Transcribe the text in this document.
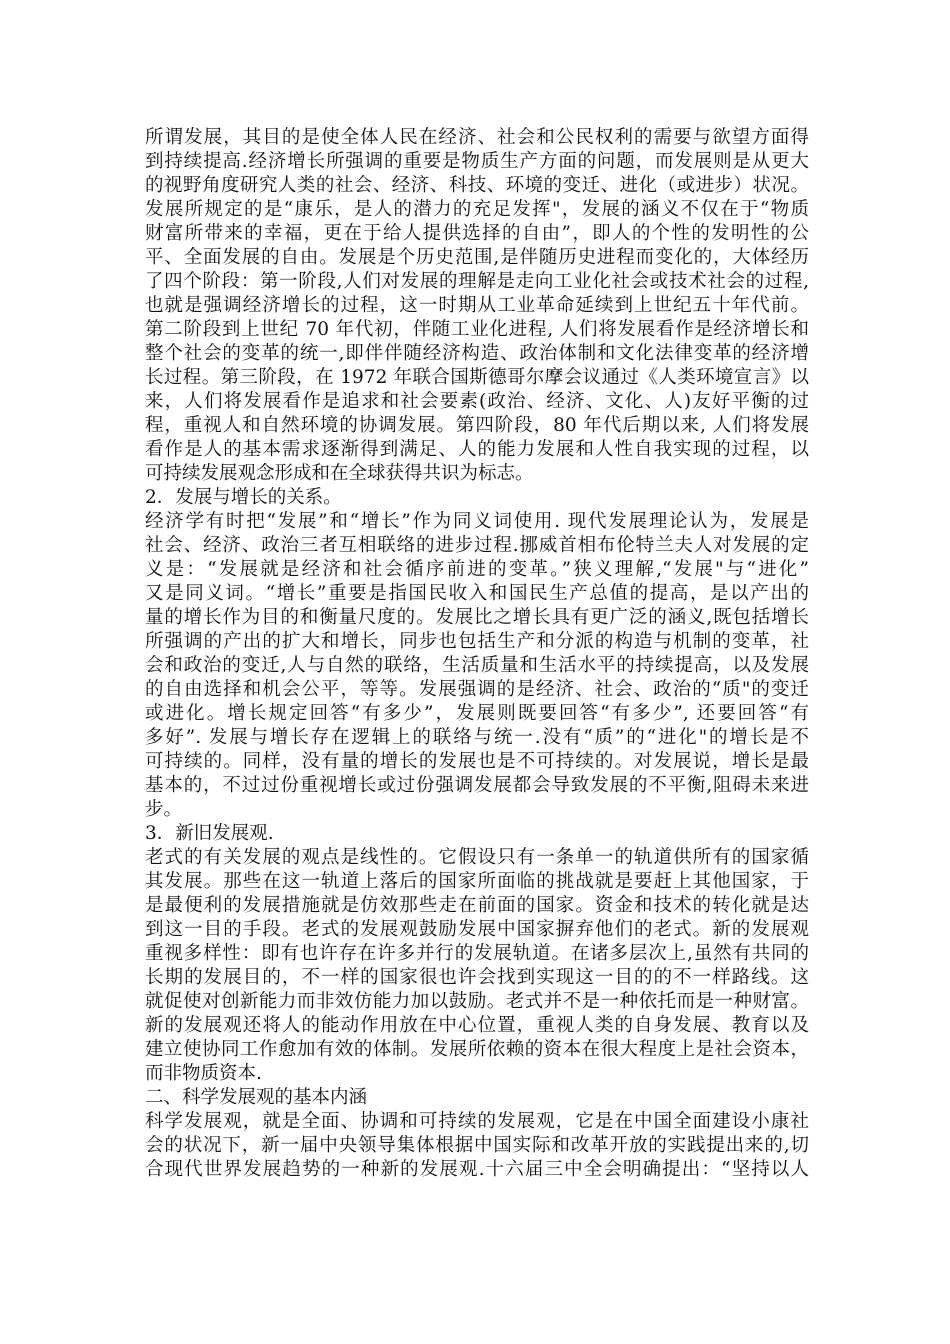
所谓发展，其目的是使全体人民在经济、社会和公民权利的需要与欲望方面得
到持续提高.经济增长所强调的重要是物质生产方面的问题，而发展则是从更大
的视野角度研究人类的社会、经济、科技、环境的变迁、进化（或进步）状况。
发展所规定的是“康乐，是人的潜力的充足发挥"，发展的涵义不仅在于“物质
财富所带来的幸福，更在于给人提供选择的自由”，即人的个性的发明性的公
平、全面发展的自由。发展是个历史范围,是伴随历史进程而变化的，大体经历
了四个阶段：第一阶段,人们对发展的理解是走向工业化社会或技术社会的过程,
也就是强调经济增长的过程，这一时期从工业革命延续到上世纪五十年代前。
第二阶段到上世纪 70 年代初，伴随工业化进程, 人们将发展看作是经济增长和
整个社会的变革的统一,即伴伴随经济构造、政治体制和文化法律变革的经济增
长过程。第三阶段，在 1972 年联合国斯德哥尔摩会议通过《人类环境宣言》以
来，人们将发展看作是追求和社会要素(政治、经济、文化、人)友好平衡的过
程，重视人和自然环境的协调发展。第四阶段，80 年代后期以来, 人们将发展
看作是人的基本需求逐渐得到满足、人的能力发展和人性自我实现的过程，以
可持续发展观念形成和在全球获得共识为标志。
2．发展与增长的关系。
经济学有时把“发展”和“增长”作为同义词使用. 现代发展理论认为，发展是
社会、经济、政治三者互相联络的进步过程.挪威首相布伦特兰夫人对发展的定
义是：“发展就是经济和社会循序前进的变革。”狭义理解,“发展"与“进化”
又是同义词。“增长”重要是指国民收入和国民生产总值的提高，是以产出的
量的增长作为目的和衡量尺度的。发展比之增长具有更广泛的涵义,既包括增长
所强调的产出的扩大和增长，同步也包括生产和分派的构造与机制的变革，社
会和政治的变迁,人与自然的联络，生活质量和生活水平的持续提高，以及发展
的自由选择和机会公平，等等。发展强调的是经济、社会、政治的“质"的变迁
或进化。增长规定回答“有多少”，发展则既要回答“有多少”, 还要回答“有
多好”. 发展与增长存在逻辑上的联络与统一.没有“质”的“进化"的增长是不
可持续的。同样，没有量的增长的发展也是不可持续的。对发展说，增长是最
基本的，不过过份重视增长或过份强调发展都会导致发展的不平衡,阻碍未来进
步。
3．新旧发展观.
老式的有关发展的观点是线性的。它假设只有一条单一的轨道供所有的国家循
其发展。那些在这一轨道上落后的国家所面临的挑战就是要赶上其他国家，于
是最便利的发展措施就是仿效那些走在前面的国家。资金和技术的转化就是达
到这一目的手段。老式的发展观鼓励发展中国家摒弃他们的老式。新的发展观
重视多样性：即有也许存在许多并行的发展轨道。在诸多层次上,虽然有共同的
长期的发展目的，不一样的国家很也许会找到实现这一目的的不一样路线。这
就促使对创新能力而非效仿能力加以鼓励。老式并不是一种依托而是一种财富。
新的发展观还将人的能动作用放在中心位置，重视人类的自身发展、教育以及
建立使协同工作愈加有效的体制。发展所依赖的资本在很大程度上是社会资本，
而非物质资本.
二、科学发展观的基本内涵
科学发展观，就是全面、协调和可持续的发展观，它是在中国全面建设小康社
会的状况下，新一届中央领导集体根据中国实际和改革开放的实践提出来的,切
合现代世界发展趋势的一种新的发展观.十六届三中全会明确提出：“坚持以人
